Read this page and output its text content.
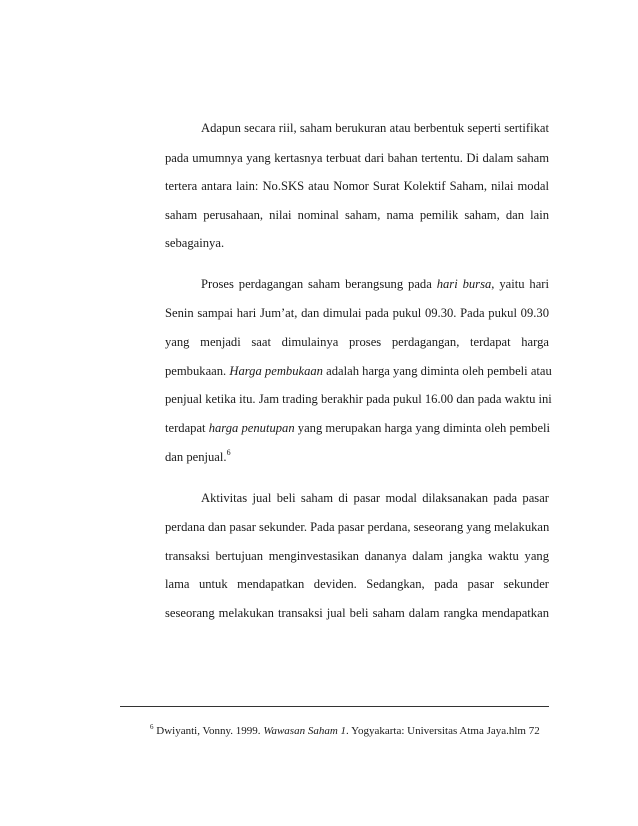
Adapun secara riil, saham berukuran atau berbentuk seperti sertifikat
pada umumnya yang kertasnya terbuat dari bahan tertentu. Di dalam saham
tertera antara lain: No.SKS atau Nomor Surat Kolektif Saham, nilai modal
saham perusahaan, nilai nominal saham, nama pemilik saham, dan lain
sebagainya.
Proses perdagangan saham berangsung pada hari bursa, yaitu hari
Senin sampai hari Jum’at, dan dimulai pada pukul 09.30. Pada pukul 09.30
yang menjadi saat dimulainya proses perdagangan, terdapat harga
pembukaan. Harga pembukaan adalah harga yang diminta oleh pembeli atau
penjual ketika itu. Jam trading berakhir pada pukul 16.00 dan pada waktu ini
terdapat harga penutupan yang merupakan harga yang diminta oleh pembeli
dan penjual.$^6$
Aktivitas jual beli saham di pasar modal dilaksanakan pada pasar
perdana dan pasar sekunder. Pada pasar perdana, seseorang yang melakukan
transaksi bertujuan menginvestasikan dananya dalam jangka waktu yang
lama untuk mendapatkan deviden. Sedangkan, pada pasar sekunder
seseorang melakukan transaksi jual beli saham dalam rangka mendapatkan
$^6$ Dwiyanti, Vonny. 1999. Wawasan Saham 1. Yogyakarta: Universitas Atma Jaya.hlm 72
